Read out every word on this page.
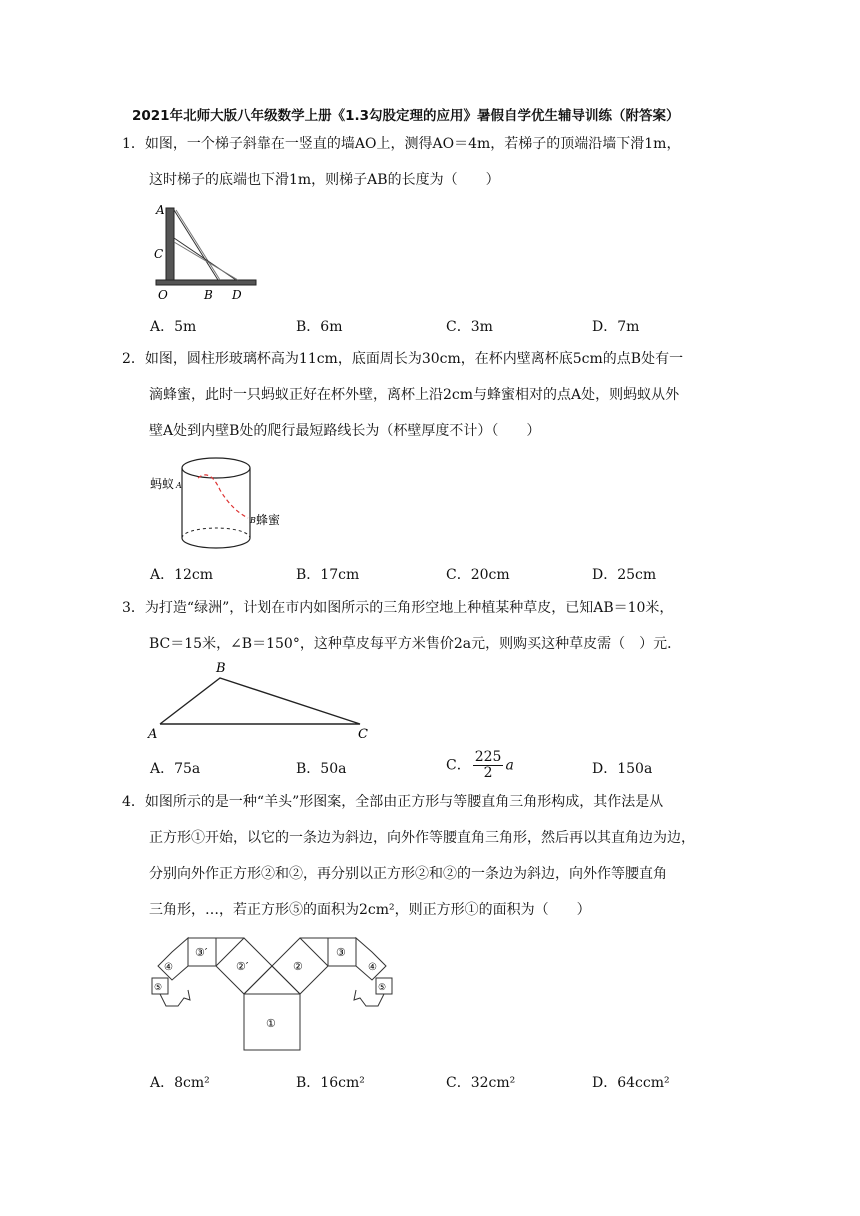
2021年北师大版八年级数学上册《1.3勾股定理的应用》暑假自学优生辅导训练（附答案）
1．如图，一个梯子斜靠在一竖直的墙AO上，测得AO＝4m，若梯子的顶端沿墙下滑1m，
这时梯子的底端也下滑1m，则梯子AB的长度为（　　）
A
C
O	B D
A．5m	B．6m	C．3m	D．7m
2．如图，圆柱形玻璃杯高为11cm，底面周长为30cm，在杯内壁离杯底5cm的点B处有一
滴蜂蜜，此时一只蚂蚁正好在杯外壁，离杯上沿2cm与蜂蜜相对的点A处，则蚂蚁从外
壁A处到内壁B处的爬行最短路线长为（杯壁厚度不计）（　　）
蚂蚁 A
B 蜂蜜
A．12cm	B．17cm	C．20cm	D．25cm
3．为打造“绿洲”，计划在市内如图所示的三角形空地上种植某种草皮，已知AB＝10米，
BC＝15米，∠B＝150°，这种草皮每平方米售价2a元，则购买这种草皮需（　）元．
A
B
C
A．75a	B．50a	C． $\frac{225}{2}$ a	D．150a
4．如图所示的是一种“羊头”形图案，全部由正方形与等腰直角三角形构成，其作法是从
正方形①开始，以它的一条边为斜边，向外作等腰直角三角形，然后再以其直角边为边，
分别向外作正方形②和②，再分别以正方形②和②的一条边为斜边，向外作等腰直角
三角形，…，若正方形⑤的面积为2cm²，则正方形①的面积为（　　）
①
②′	②
③′	③
④	④
⑤	⑤
A．8cm²	B．16cm²	C．32cm²	D．64ccm²
